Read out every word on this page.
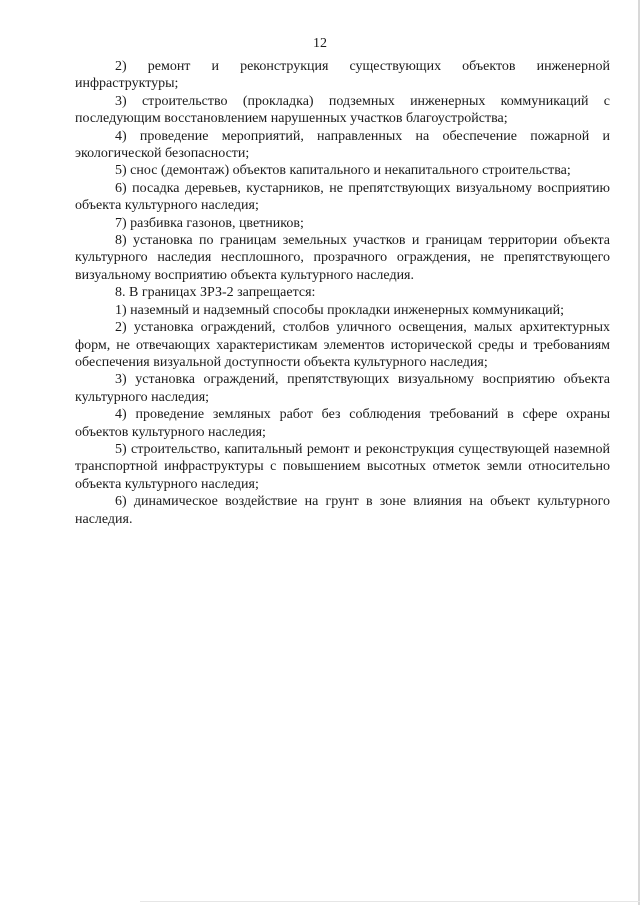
12

2) ремонт и реконструкция существующих объектов инженерной инфраструктуры;

3) строительство (прокладка) подземных инженерных коммуникаций с последующим восстановлением нарушенных участков благоустройства;

4) проведение мероприятий, направленных на обеспечение пожарной и экологической безопасности;

5) снос (демонтаж) объектов капитального и некапитального строительства;

6) посадка деревьев, кустарников, не препятствующих визуальному восприятию объекта культурного наследия;

7) разбивка газонов, цветников;

8) установка по границам земельных участков и границам территории объекта культурного наследия несплошного, прозрачного ограждения, не препятствующего визуальному восприятию объекта культурного наследия.

8. В границах ЗРЗ-2 запрещается:

1) наземный и надземный способы прокладки инженерных коммуникаций;

2) установка ограждений, столбов уличного освещения, малых архитектурных форм, не отвечающих характеристикам элементов исторической среды и требованиям обеспечения визуальной доступности объекта культурного наследия;

3) установка ограждений, препятствующих визуальному восприятию объекта культурного наследия;

4) проведение земляных работ без соблюдения требований в сфере охраны объектов культурного наследия;

5) строительство, капитальный ремонт и реконструкция существующей наземной транспортной инфраструктуры с повышением высотных отметок земли относительно объекта культурного наследия;

6) динамическое воздействие на грунт в зоне влияния на объект культурного наследия.
